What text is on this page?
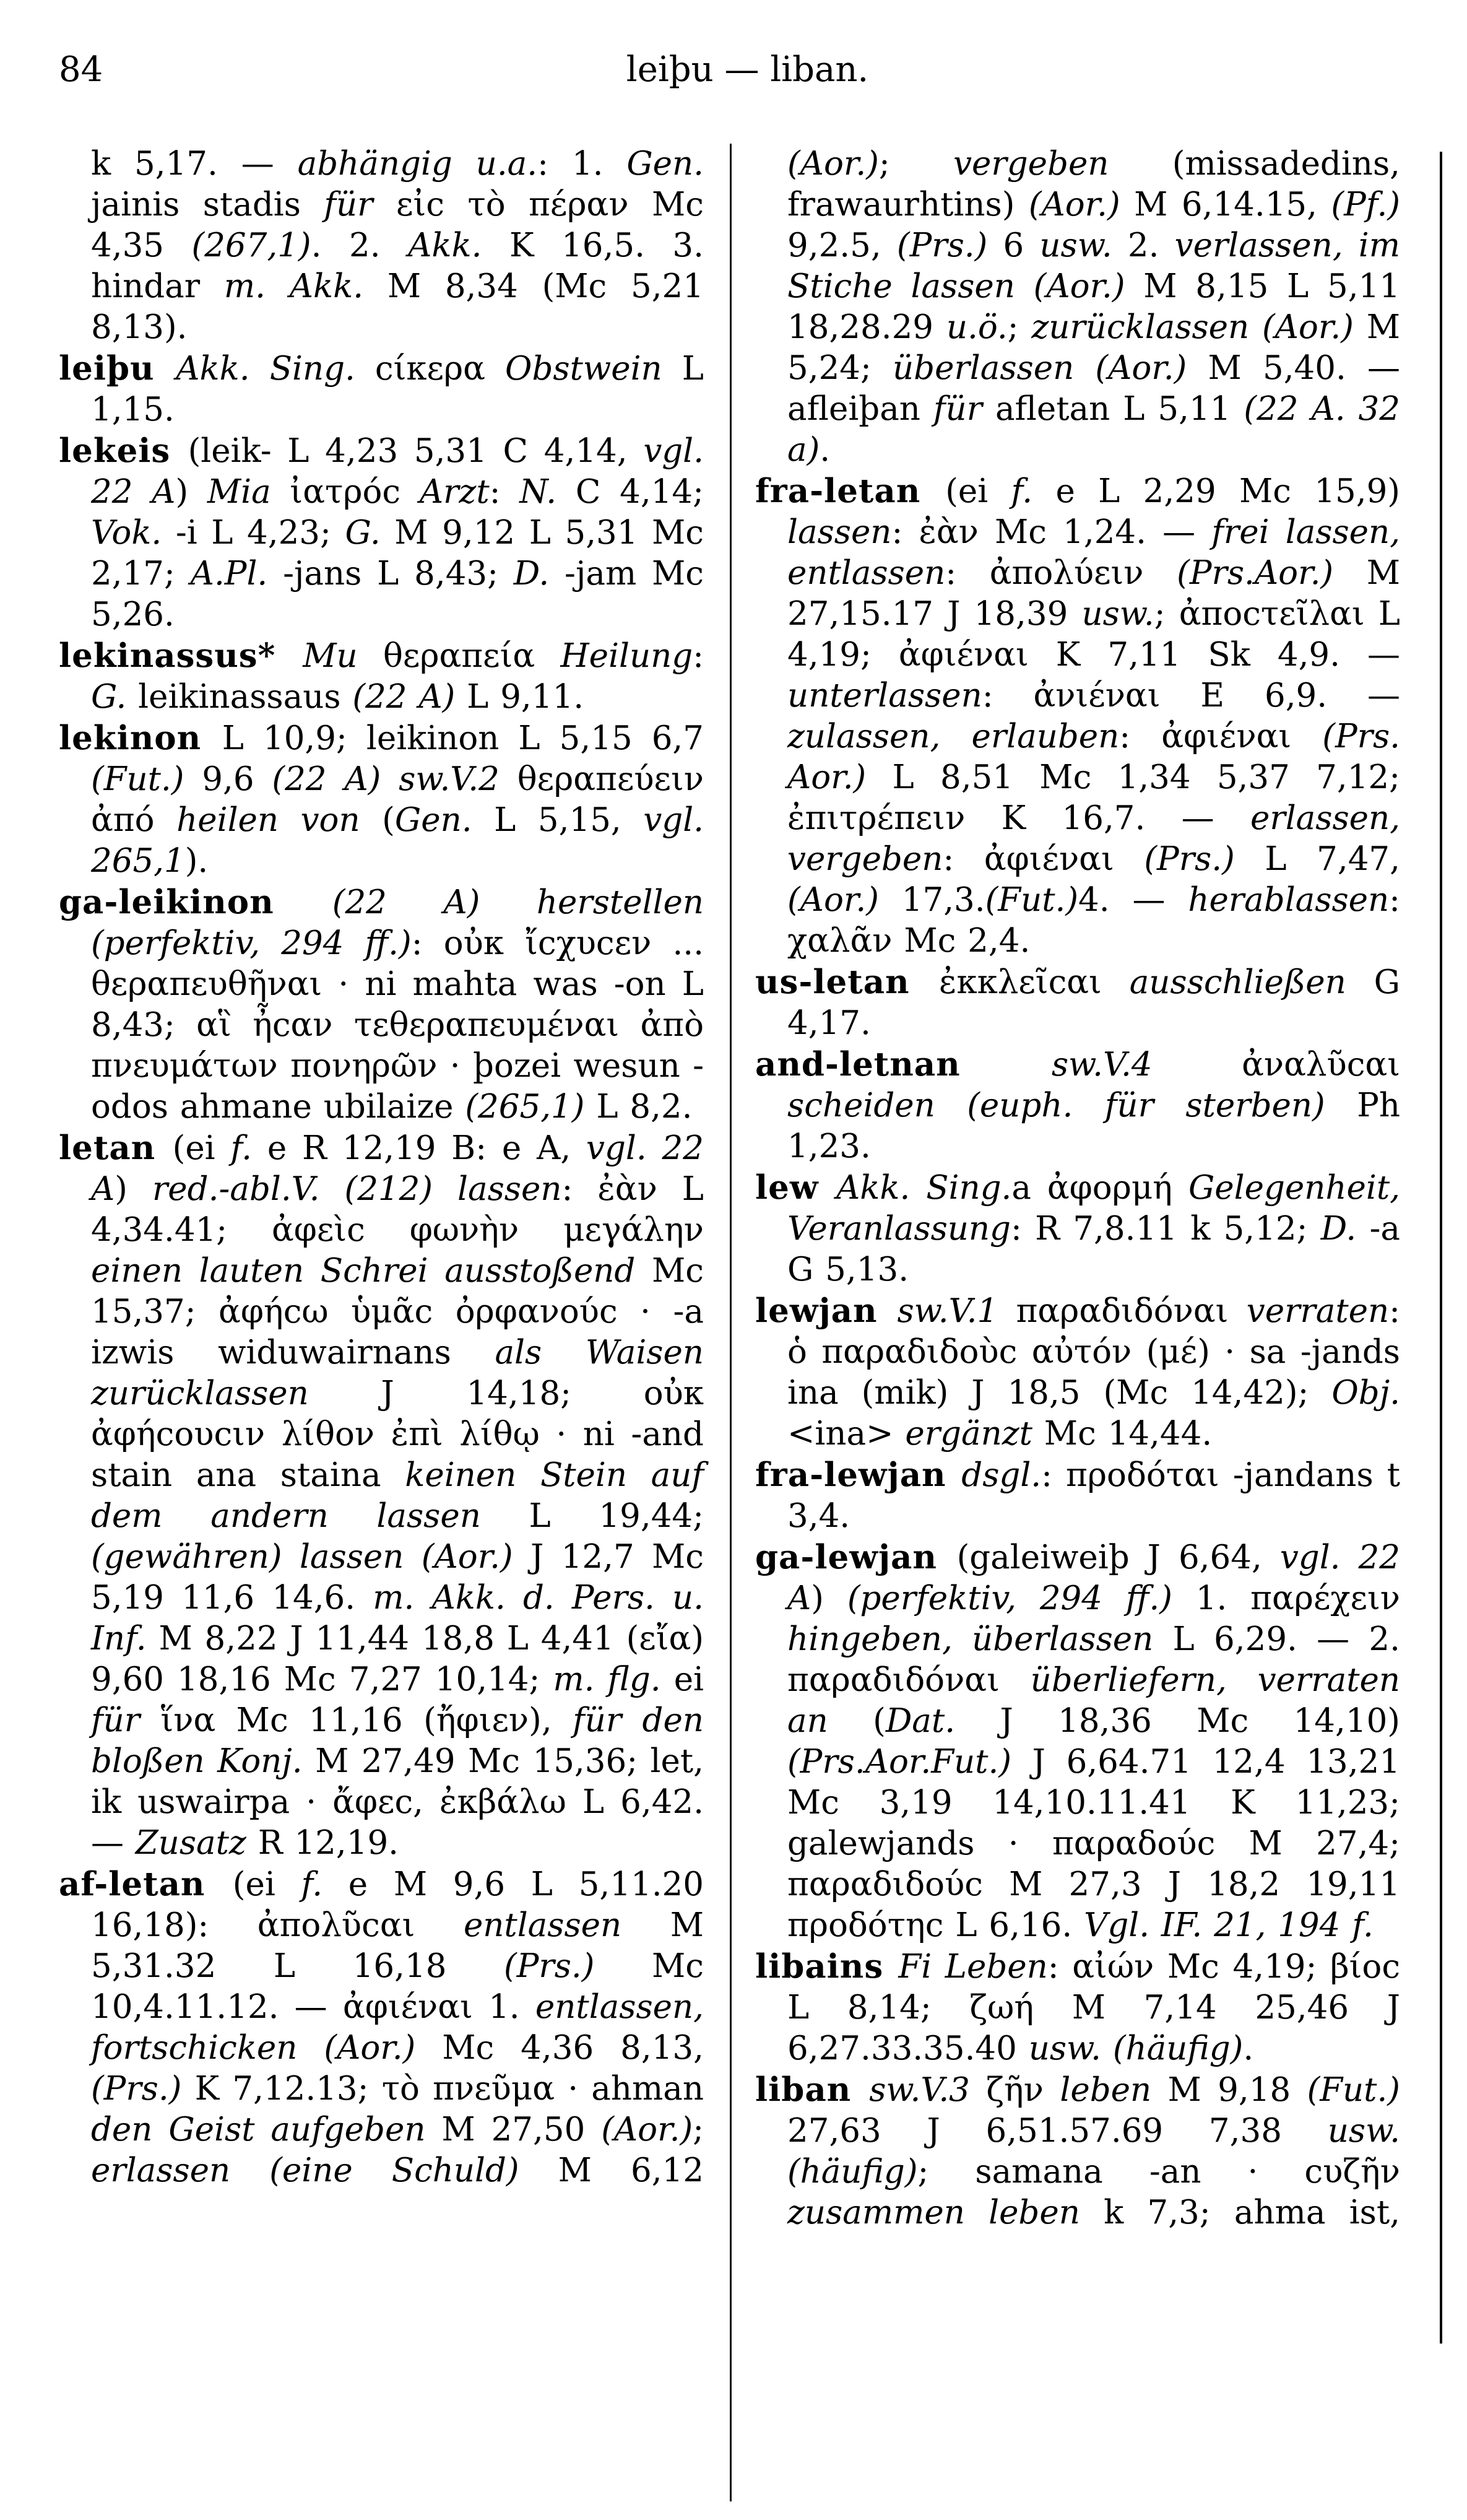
84	leiþu — liban.

k 5,17. — abhängig u.a.: 1. Gen. jainis stadis für εἰc τὸ πέραν Mc 4,35 (267,1). 2. Akk. K 16,5. 3. hindar m. Akk. M 8,34 (Mc 5,21 8,13).

leiþu Akk. Sing. cίκερα Obstwein L 1,15.

lekeis (leik- L 4,23 5,31 C 4,14, vgl. 22 A) Mia ἰατρόc Arzt: N. C 4,14; Vok. -i L 4,23; G. M 9,12 L 5,31 Mc 2,17; A.Pl. -jans L 8,43; D. -jam Mc 5,26.

lekinassus* Mu θεραπεία Heilung: G. leikinassaus (22 A) L 9,11.

lekinon L 10,9; leikinon L 5,15 6,7 (Fut.) 9,6 (22 A) sw.V.2 θεραπεύειν ἀπό heilen von (Gen. L 5,15, vgl. 265,1).

ga-leikinon (22 A) herstellen (perfektiv, 294 ff.): οὐκ ἴcχυcεν ... θεραπευθῆναι · ni mahta was -on L 8,43; αἳ ἦcαν τεθεραπευμέναι ἀπὸ πνευμάτων πονηρῶν · þozei wesun -odos ahmane ubilaize (265,1) L 8,2.

letan (ei f. e R 12,19 B: e A, vgl. 22 A) red.-abl.V. (212) lassen: ἐὰν L 4,34.41; ἀφεὶc φωνὴν μεγάλην einen lauten Schrei ausstoßend Mc 15,37; ἀφήcω ὑμᾶc ὀρφανούc · -a izwis widuwairnans als Waisen zurücklassen J 14,18; οὐκ ἀφήcουcιν λίθον ἐπὶ λίθῳ · ni -and stain ana staina keinen Stein auf dem andern lassen L 19,44; (gewähren) lassen (Aor.) J 12,7 Mc 5,19 11,6 14,6. m. Akk. d. Pers. u. Inf. M 8,22 J 11,44 18,8 L 4,41 (εἴα) 9,60 18,16 Mc 7,27 10,14; m. flg. ei für ἵνα Mc 11,16 (ἤφιεν), für den bloßen Konj. M 27,49 Mc 15,36; let, ik uswairpa · ἄφεc, ἐκβάλω L 6,42. — Zusatz R 12,19.

af-letan (ei f. e M 9,6 L 5,11.20 16,18): ἀπολῦcαι entlassen M 5,31.32 L 16,18 (Prs.) Mc 10,4.11.12. — ἀφιέναι 1. entlassen, fortschicken (Aor.) Mc 4,36 8,13, (Prs.) K 7,12.13; τὸ πνεῦμα · ahman den Geist aufgeben M 27,50 (Aor.); erlassen (eine Schuld) M 6,12

(Aor.); vergeben (missadedins, frawaurhtins) (Aor.) M 6,14.15, (Pf.) 9,2.5, (Prs.) 6 usw. 2. verlassen, im Stiche lassen (Aor.) M 8,15 L 5,11 18,28.29 u.ö.; zurücklassen (Aor.) M 5,24; überlassen (Aor.) M 5,40. — afleiþan für afletan L 5,11 (22 A. 32 a).

fra-letan (ei f. e L 2,29 Mc 15,9) lassen: ἐὰν Mc 1,24. — frei lassen, entlassen: ἀπολύειν (Prs.Aor.) M 27,15.17 J 18,39 usw.; ἀποcτεῖλαι L 4,19; ἀφιέναι K 7,11 Sk 4,9. — unterlassen: ἀνιέναι E 6,9. — zulassen, erlauben: ἀφιέναι (Prs. Aor.) L 8,51 Mc 1,34 5,37 7,12; ἐπιτρέπειν K 16,7. — erlassen, vergeben: ἀφιέναι (Prs.) L 7,47, (Aor.) 17,3.(Fut.)4. — herablassen: χαλᾶν Mc 2,4.

us-letan ἐκκλεῖcαι ausschließen G 4,17.

and-letnan sw.V.4 ἀναλῦcαι scheiden (euph. für sterben) Ph 1,23.

lew Akk. Sing.a ἀφορμή Gelegenheit, Veranlassung: R 7,8.11 k 5,12; D. -a G 5,13.

lewjan sw.V.1 παραδιδόναι verraten: ὁ παραδιδοὺc αὐτόν (μέ) · sa -jands ina (mik) J 18,5 (Mc 14,42); Obj. <ina> ergänzt Mc 14,44.

fra-lewjan dsgl.: προδόται -jandans t 3,4.

ga-lewjan (galeiweiþ J 6,64, vgl. 22 A) (perfektiv, 294 ff.) 1. παρέχειν hingeben, überlassen L 6,29. — 2. παραδιδόναι überliefern, verraten an (Dat. J 18,36 Mc 14,10) (Prs.Aor.Fut.) J 6,64.71 12,4 13,21 Mc 3,19 14,10.11.41 K 11,23; galewjands · παραδούc M 27,4; παραδιδούc M 27,3 J 18,2 19,11 προδότηc L 6,16. Vgl. IF. 21, 194 f.

libains Fi Leben: αἰών Mc 4,19; βίοc L 8,14; ζωή M 7,14 25,46 J 6,27.33.35.40 usw. (häufig).

liban sw.V.3 ζῆν leben M 9,18 (Fut.) 27,63 J 6,51.57.69 7,38 usw. (häufig); samana -an · cυζῆν zusammen leben k 7,3; ahma ist,
